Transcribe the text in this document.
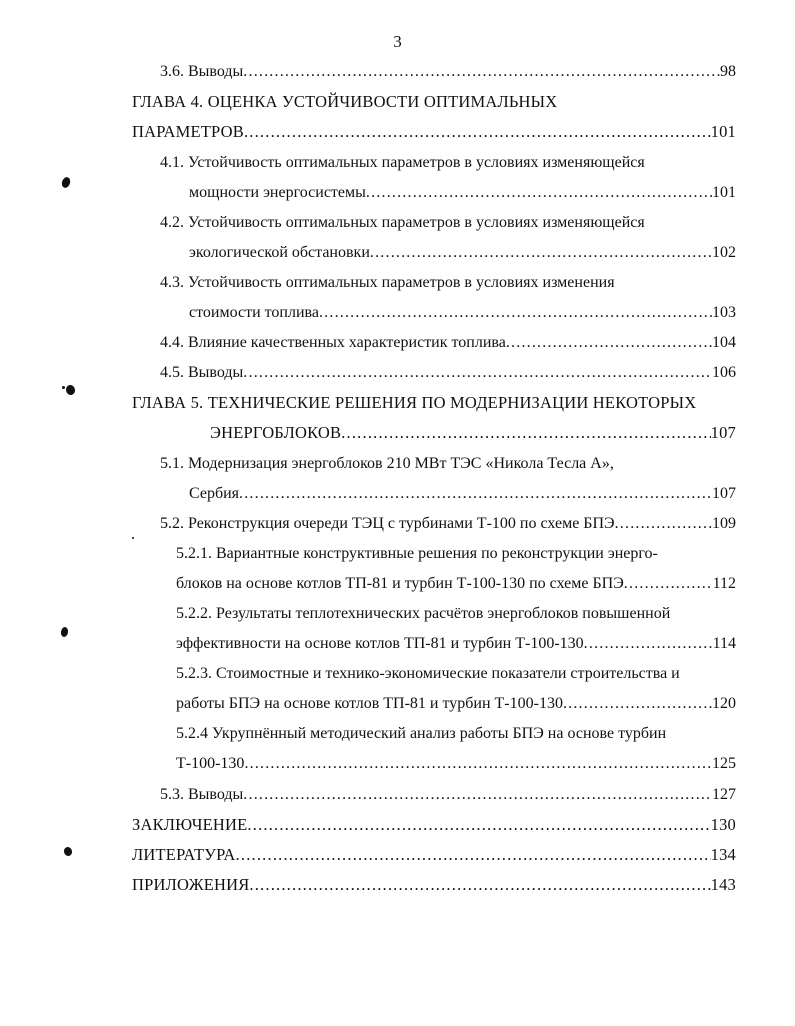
3
3.6. Выводы .....	98
ГЛАВА 4. ОЦЕНКА УСТОЙЧИВОСТИ ОПТИМАЛЬНЫХ
ПАРАМЕТРОВ .....	101
4.1. Устойчивость оптимальных параметров в условиях изменяющейся
мощности энергосистемы .....	101
4.2. Устойчивость оптимальных параметров в условиях изменяющейся
экологической обстановки .....	102
4.3. Устойчивость оптимальных параметров в условиях изменения
стоимости топлива .....	103
4.4. Влияние качественных характеристик топлива .....	104
4.5. Выводы .....	106
ГЛАВА 5. ТЕХНИЧЕСКИЕ РЕШЕНИЯ ПО МОДЕРНИЗАЦИИ НЕКОТОРЫХ
ЭНЕРГОБЛОКОВ .....	107
5.1. Модернизация энергоблоков 210 МВт ТЭС «Никола Тесла А»,
Сербия .....	107
5.2. Реконструкция очереди ТЭЦ с турбинами Т-100 по схеме БПЭ .....	109
5.2.1. Вариантные конструктивные решения по реконструкции энерго-
блоков на основе котлов ТП-81 и турбин Т-100-130 по схеме БПЭ .....	112
5.2.2. Результаты теплотехнических расчётов энергоблоков повышенной
эффективности на основе котлов ТП-81 и турбин Т-100-130 .....	114
5.2.3. Стоимостные и технико-экономические показатели строительства и
работы БПЭ на основе котлов ТП-81 и турбин Т-100-130 .....	120
5.2.4 Укрупнённый методический анализ работы БПЭ на основе турбин
Т-100-130 .....	125
5.3. Выводы .....	127
ЗАКЛЮЧЕНИЕ .....	130
ЛИТЕРАТУРА .....	134
ПРИЛОЖЕНИЯ .....	143
